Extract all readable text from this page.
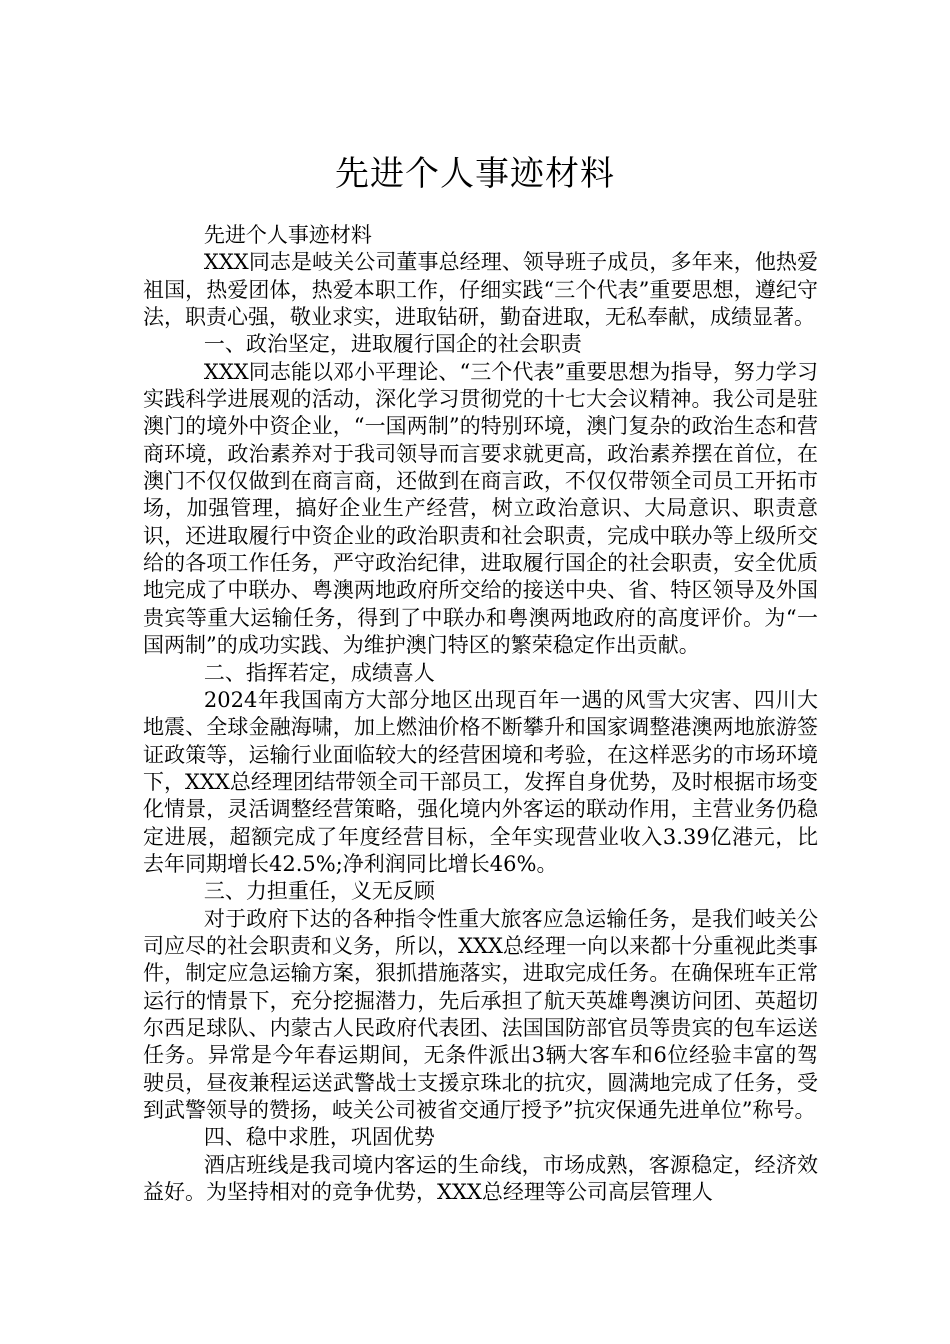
先进个人事迹材料

先进个人事迹材料

XXX同志是岐关公司董事总经理、领导班子成员，多年来，他热爱祖国，热爱团体，热爱本职工作，仔细实践“三个代表”重要思想，遵纪守法，职责心强，敬业求实，进取钻研，勤奋进取，无私奉献，成绩显著。

一、政治坚定，进取履行国企的社会职责

XXX同志能以邓小平理论、“三个代表”重要思想为指导，努力学习实践科学进展观的活动，深化学习贯彻党的十七大会议精神。我公司是驻澳门的境外中资企业，“一国两制”的特别环境，澳门复杂的政治生态和营商环境，政治素养对于我司领导而言要求就更高，政治素养摆在首位，在澳门不仅仅做到在商言商，还做到在商言政，不仅仅带领全司员工开拓市场，加强管理，搞好企业生产经营，树立政治意识、大局意识、职责意识，还进取履行中资企业的政治职责和社会职责，完成中联办等上级所交给的各项工作任务，严守政治纪律，进取履行国企的社会职责，安全优质地完成了中联办、粤澳两地政府所交给的接送中央、省、特区领导及外国贵宾等重大运输任务，得到了中联办和粤澳两地政府的高度评价。为“一国两制”的成功实践、为维护澳门特区的繁荣稳定作出贡献。

二、指挥若定，成绩喜人

2024年我国南方大部分地区出现百年一遇的风雪大灾害、四川大地震、全球金融海啸，加上燃油价格不断攀升和国家调整港澳两地旅游签证政策等，运输行业面临较大的经营困境和考验，在这样恶劣的市场环境下，XXX总经理团结带领全司干部员工，发挥自身优势，及时根据市场变化情景，灵活调整经营策略，强化境内外客运的联动作用，主营业务仍稳定进展，超额完成了年度经营目标，全年实现营业收入3.39亿港元，比去年同期增长42.5%;净利润同比增长46%。

三、力担重任，义无反顾

对于政府下达的各种指令性重大旅客应急运输任务，是我们岐关公司应尽的社会职责和义务，所以，XXX总经理一向以来都十分重视此类事件，制定应急运输方案，狠抓措施落实，进取完成任务。在确保班车正常运行的情景下，充分挖掘潜力，先后承担了航天英雄粤澳访问团、英超切尔西足球队、内蒙古人民政府代表团、法国国防部官员等贵宾的包车运送任务。异常是今年春运期间，无条件派出3辆大客车和6位经验丰富的驾驶员，昼夜兼程运送武警战士支援京珠北的抗灾，圆满地完成了任务，受到武警领导的赞扬，岐关公司被省交通厅授予”抗灾保通先进单位”称号。

四、稳中求胜，巩固优势

酒店班线是我司境内客运的生命线，市场成熟，客源稳定，经济效益好。为坚持相对的竞争优势，XXX总经理等公司高层管理人
